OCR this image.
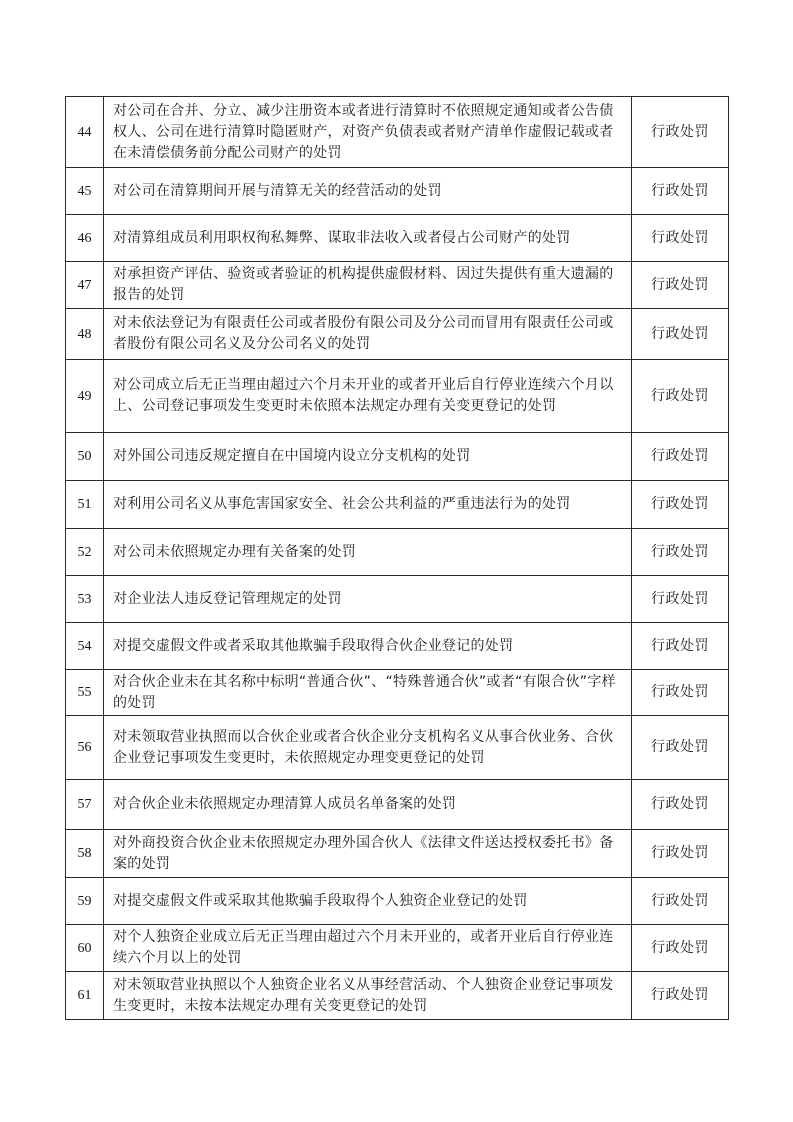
44	对公司在合并、分立、减少注册资本或者进行清算时不依照规定通知或者公告债权人、公司在进行清算时隐匿财产，对资产负债表或者财产清单作虚假记载或者在未清偿债务前分配公司财产的处罚	行政处罚
45	对公司在清算期间开展与清算无关的经营活动的处罚	行政处罚
46	对清算组成员利用职权徇私舞弊、谋取非法收入或者侵占公司财产的处罚	行政处罚
47	对承担资产评估、验资或者验证的机构提供虚假材料、因过失提供有重大遗漏的报告的处罚	行政处罚
48	对未依法登记为有限责任公司或者股份有限公司及分公司而冒用有限责任公司或者股份有限公司名义及分公司名义的处罚	行政处罚
49	对公司成立后无正当理由超过六个月未开业的或者开业后自行停业连续六个月以上、公司登记事项发生变更时未依照本法规定办理有关变更登记的处罚	行政处罚
50	对外国公司违反规定擅自在中国境内设立分支机构的处罚	行政处罚
51	对利用公司名义从事危害国家安全、社会公共利益的严重违法行为的处罚	行政处罚
52	对公司未依照规定办理有关备案的处罚	行政处罚
53	对企业法人违反登记管理规定的处罚	行政处罚
54	对提交虚假文件或者采取其他欺骗手段取得合伙企业登记的处罚	行政处罚
55	对合伙企业未在其名称中标明“普通合伙”、“特殊普通合伙”或者“有限合伙”字样的处罚	行政处罚
56	对未领取营业执照而以合伙企业或者合伙企业分支机构名义从事合伙业务、合伙企业登记事项发生变更时，未依照规定办理变更登记的处罚	行政处罚
57	对合伙企业未依照规定办理清算人成员名单备案的处罚	行政处罚
58	对外商投资合伙企业未依照规定办理外国合伙人《法律文件送达授权委托书》备案的处罚	行政处罚
59	对提交虚假文件或采取其他欺骗手段取得个人独资企业登记的处罚	行政处罚
60	对个人独资企业成立后无正当理由超过六个月未开业的，或者开业后自行停业连续六个月以上的处罚	行政处罚
61	对未领取营业执照以个人独资企业名义从事经营活动、个人独资企业登记事项发生变更时，未按本法规定办理有关变更登记的处罚	行政处罚
